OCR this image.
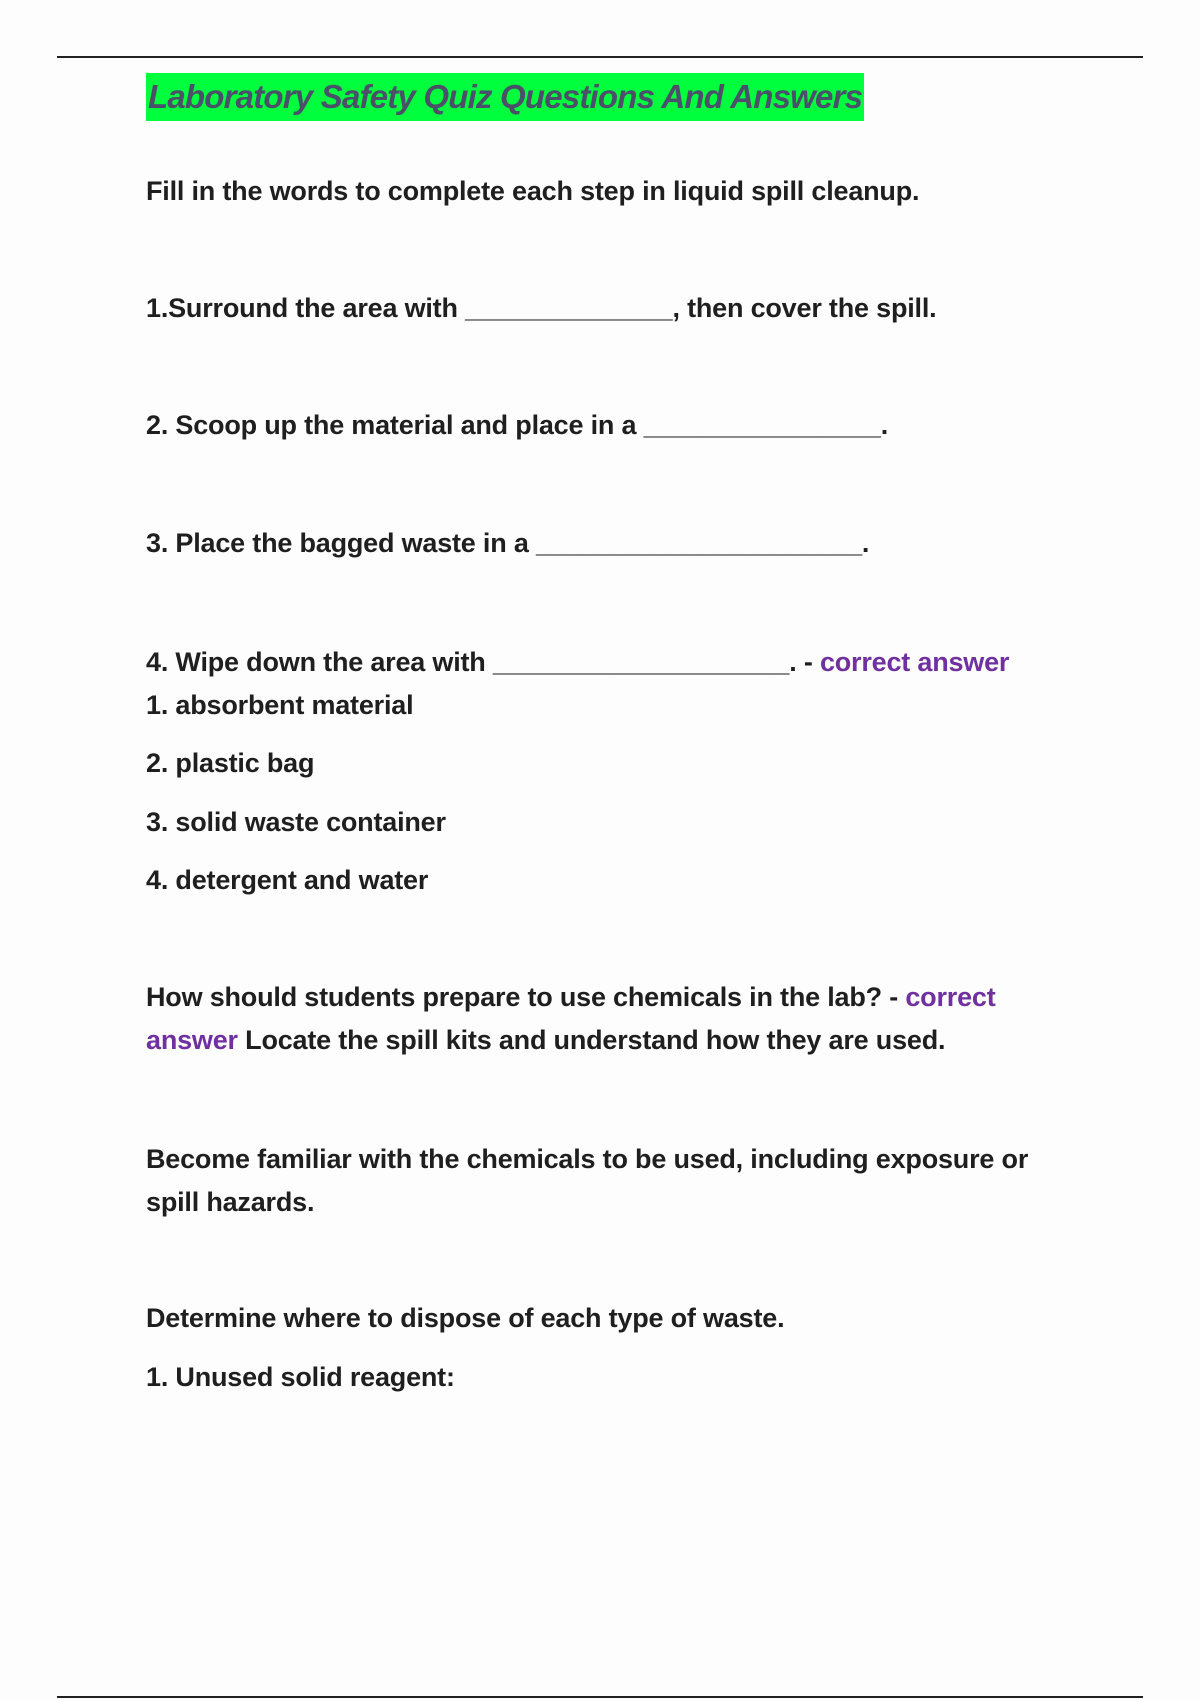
Laboratory Safety Quiz Questions And Answers
Fill in the words to complete each step in liquid spill cleanup.
1.Surround the area with ______________, then cover the spill.
2. Scoop up the material and place in a ________________.
3. Place the bagged waste in a ______________________.
4. Wipe down the area with ____________________. - correct answer
1. absorbent material
2. plastic bag
3. solid waste container
4. detergent and water
How should students prepare to use chemicals in the lab? - correct answer Locate the spill kits and understand how they are used.
Become familiar with the chemicals to be used, including exposure or spill hazards.
Determine where to dispose of each type of waste.
1. Unused solid reagent:
